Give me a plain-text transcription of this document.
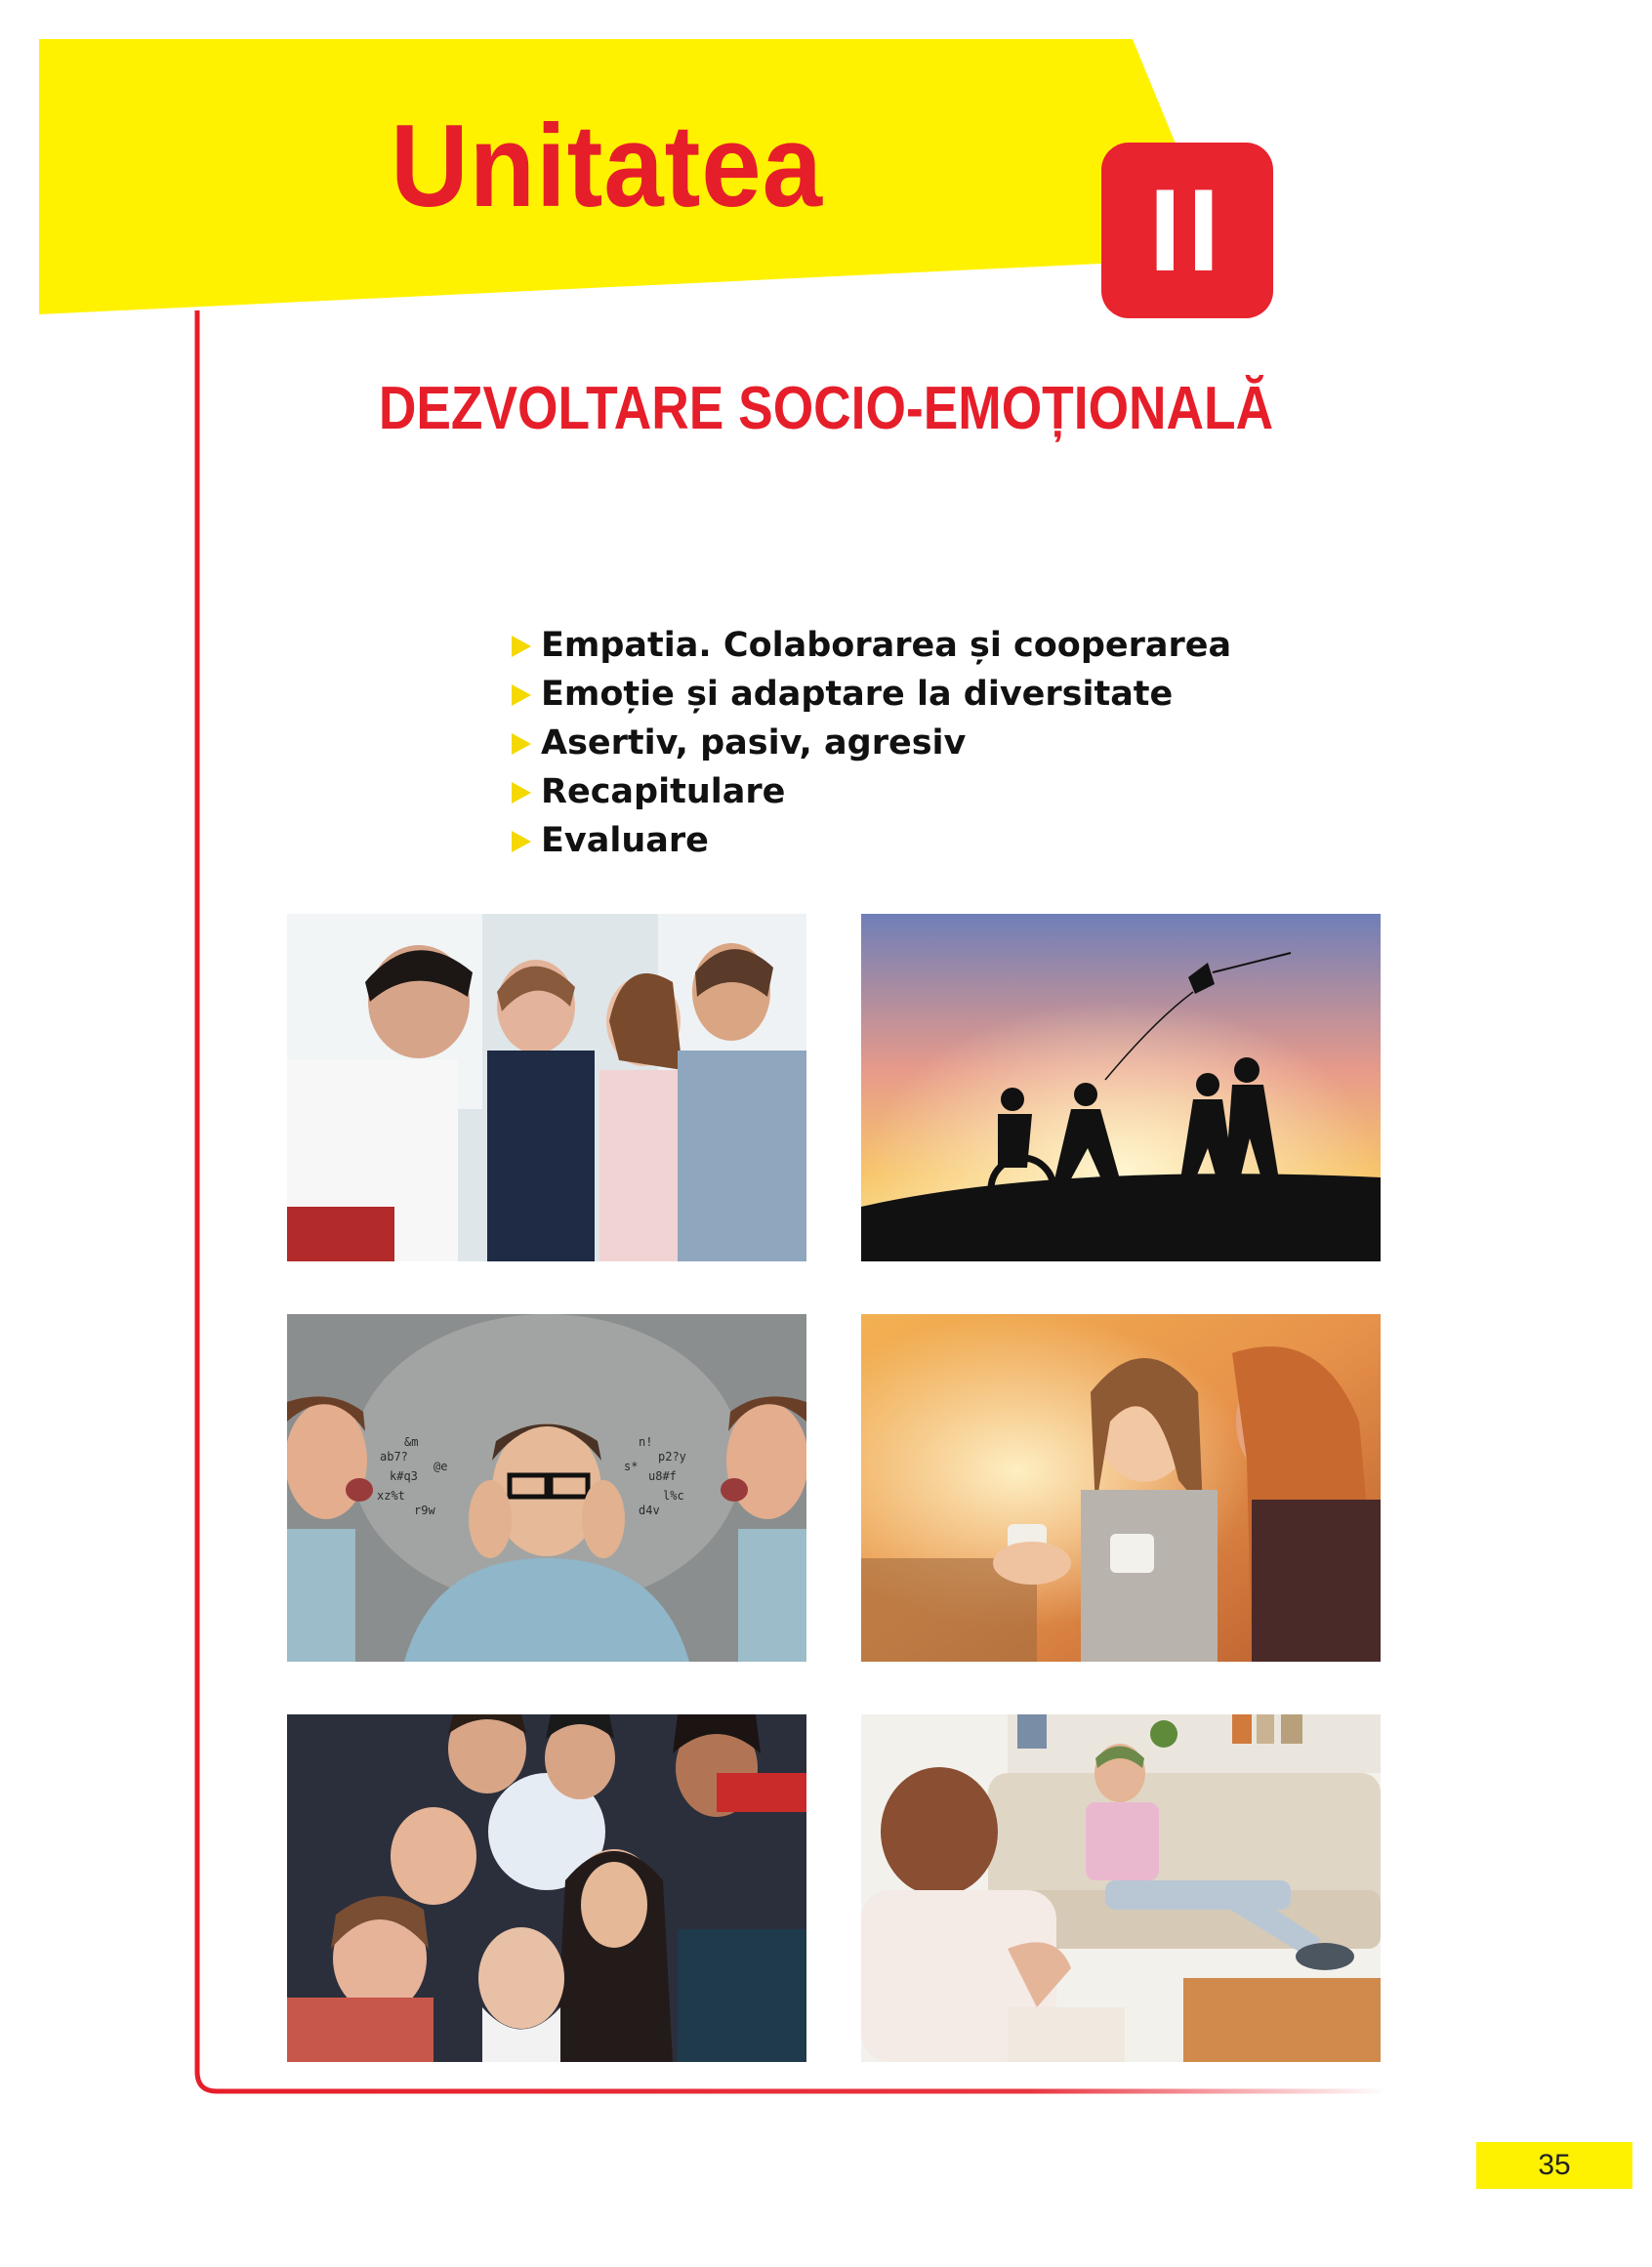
Unitatea	II
DEZVOLTARE SOCIO-EMOȚIONALĂ
Empatia. Colaborarea și cooperarea
Emoție și adaptare la diversitate
Asertiv, pasiv, agresiv
Recapitulare
Evaluare
ab7?
k#q3
xz%t
&m
r9w
@e
p2?y
u8#f
l%c
n!
d4v
s*
35
